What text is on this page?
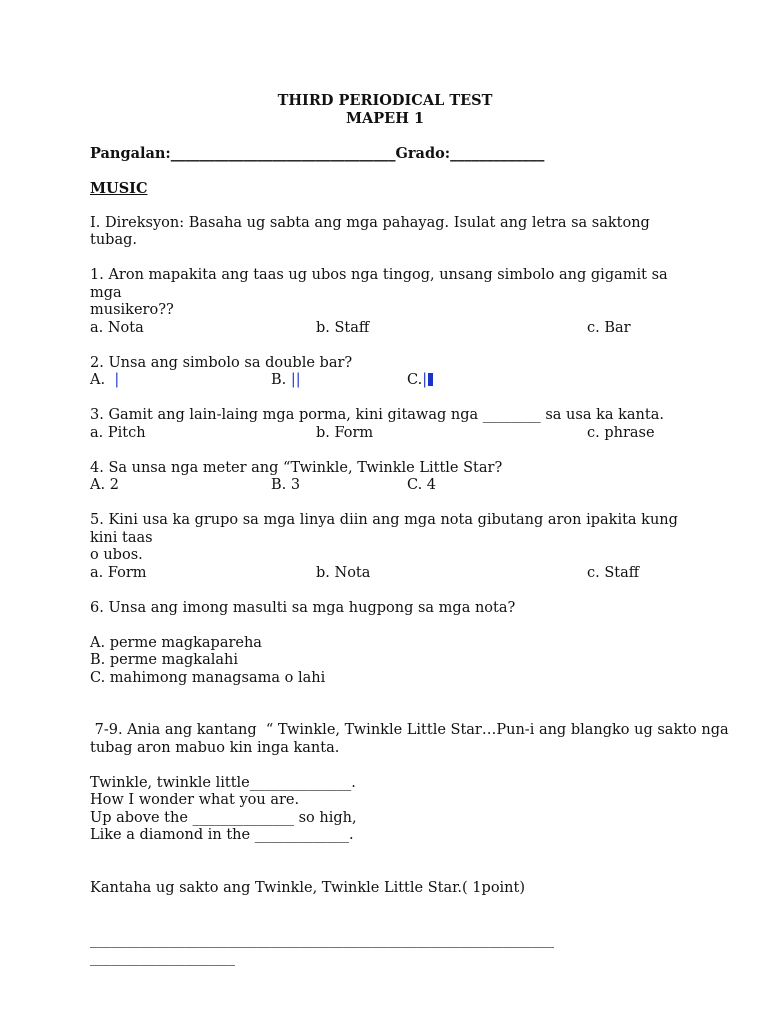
THIRD PERIODICAL TEST
MAPEH 1
Pangalan:_______________________________Grado:_____________
MUSIC
I. Direksyon: Basaha ug sabta ang mga pahayag. Isulat ang letra sa saktong tubag.
1. Aron mapakita ang taas ug ubos nga tingog, unsang simbolo ang gigamit sa mga
musikero??
a. Nota	b. Staff	c. Bar
2. Unsa ang simbolo sa double bar?
A. |	B. ||	C.|
3. Gamit ang lain-laing mga porma, kini gitawag nga ________ sa usa ka kanta.
a. Pitch	b. Form	c. phrase
4. Sa unsa nga meter ang “Twinkle, Twinkle Little Star?
A. 2	B. 3	C. 4
5. Kini usa ka grupo sa mga linya diin ang mga nota gibutang aron ipakita kung kini taas
o ubos.
a. Form	b. Nota	c. Staff
6. Unsa ang imong masulti sa mga hugpong sa mga nota?
A. perme magkapareha
B. perme magkalahi
C. mahimong managsama o lahi
7-9. Ania ang kantang  “ Twinkle, Twinkle Little Star…Pun-i ang blangko ug sakto nga
tubag aron mabuo kin inga kanta.
Twinkle, twinkle little______________.
How I wonder what you are.
Up above the ______________ so high,
Like a diamond in the _____________.
Kantaha ug sakto ang Twinkle, Twinkle Little Star.( 1point)
________________________________________________________________
____________________
